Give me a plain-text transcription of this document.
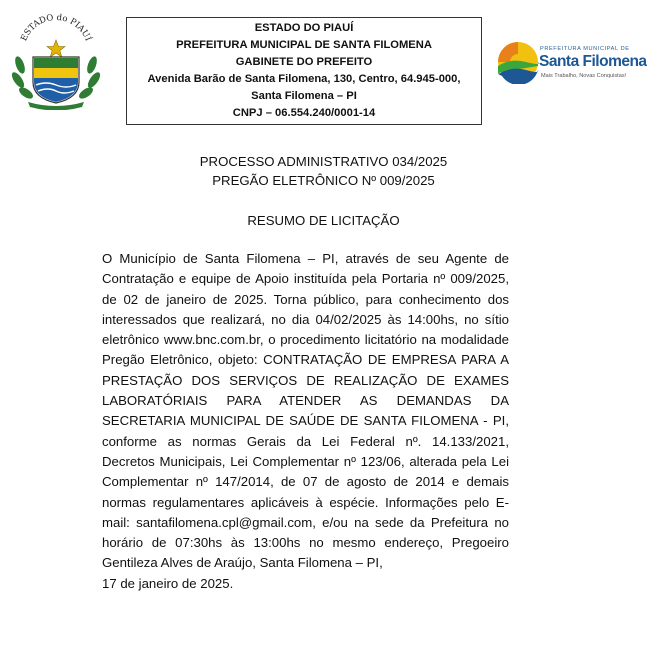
ESTADO do PIAUÍ
ESTADO DO PIAUÍ
PREFEITURA MUNICIPAL DE SANTA FILOMENA
GABINETE DO PREFEITO
Avenida Barão de Santa Filomena, 130, Centro, 64.945-000,
Santa Filomena – PI
CNPJ – 06.554.240/0001-14
PREFEITURA MUNICIPAL DE
Santa Filomena
Mais Trabalho, Novas Conquistas!
PROCESSO ADMINISTRATIVO 034/2025
PREGÃO ELETRÔNICO Nº 009/2025
RESUMO DE LICITAÇÃO
O Município de Santa Filomena – PI, através de seu Agente de Contratação e equipe de Apoio instituída pela Portaria nº 009/2025, de 02 de janeiro de 2025. Torna público, para conhecimento dos interessados que realizará, no dia 04/02/2025 às 14:00hs, no sítio eletrônico www.bnc.com.br, o procedimento licitatório na modalidade Pregão Eletrônico, objeto: CONTRATAÇÃO DE EMPRESA PARA A PRESTAÇÃO DOS SERVIÇOS DE REALIZAÇÃO DE EXAMES LABORATÓRIAIS PARA ATENDER AS DEMANDAS DA SECRETARIA MUNICIPAL DE SAÚDE DE SANTA FILOMENA - PI, conforme as normas Gerais da Lei Federal nº. 14.133/2021, Decretos Municipais, Lei Complementar nº 123/06, alterada pela Lei Complementar nº 147/2014, de 07 de agosto de 2014 e demais normas regulamentares aplicáveis à espécie. Informações pelo E-mail: santafilomena.cpl@gmail.com, e/ou na sede da Prefeitura no horário de 07:30hs às 13:00hs no mesmo endereço, Pregoeiro Gentileza Alves de Araújo, Santa Filomena – PI,
17 de janeiro de 2025.
